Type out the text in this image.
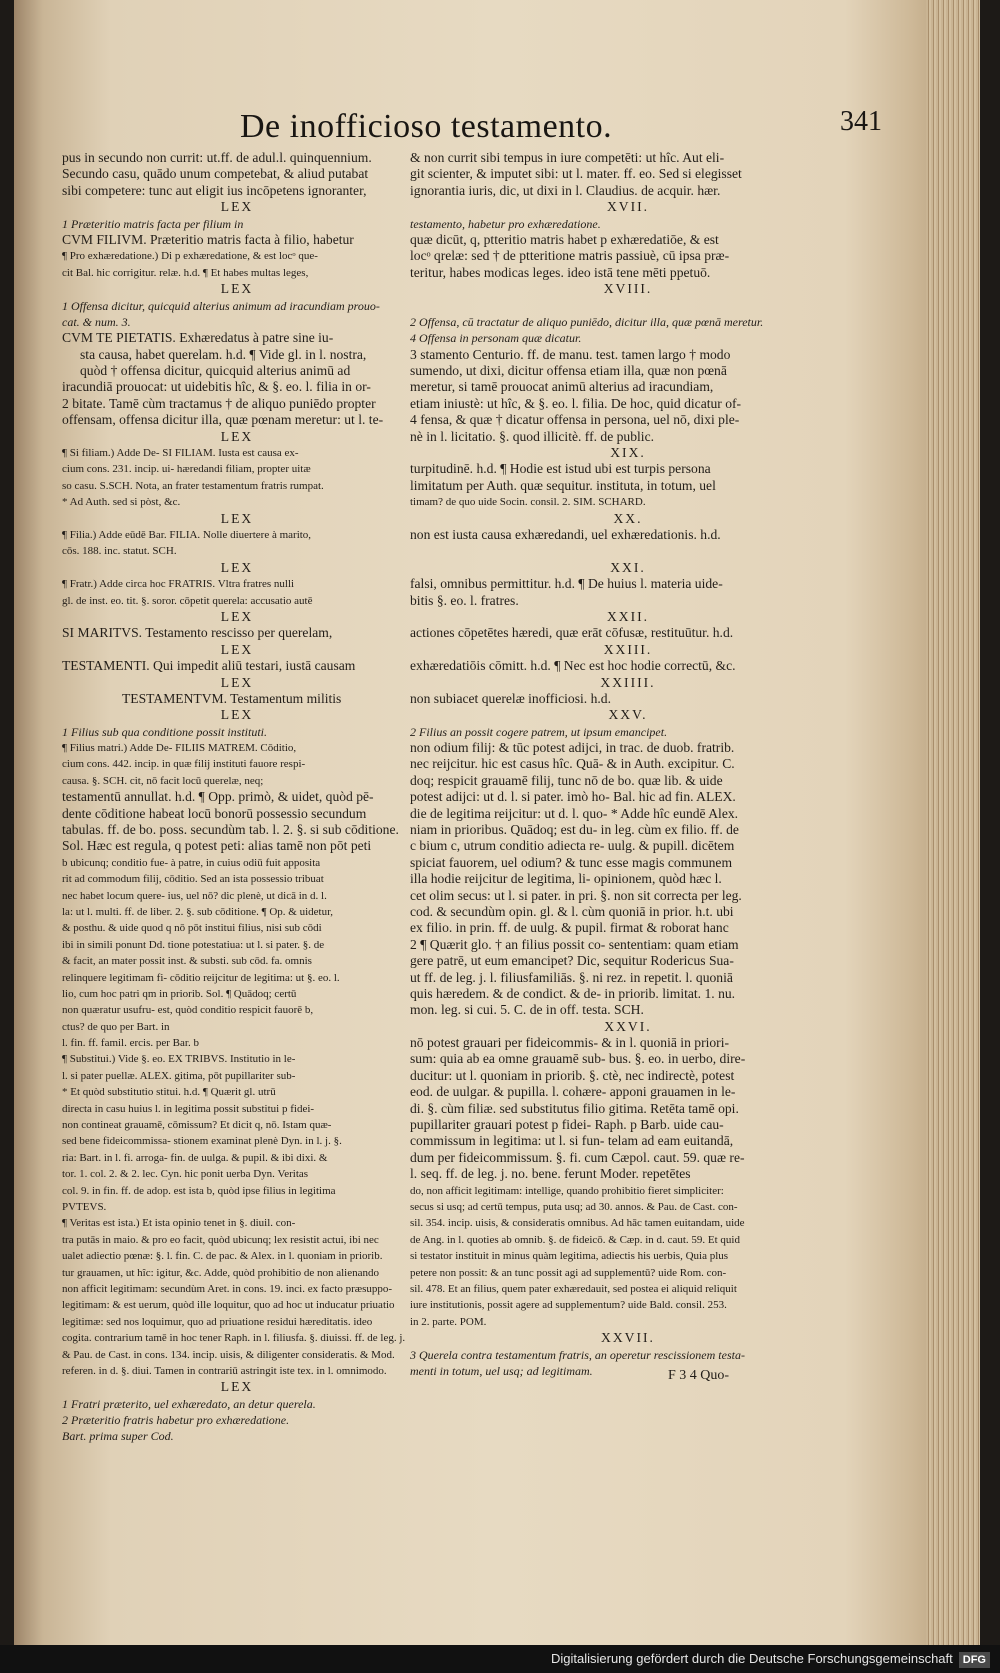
De inofficioso testamento.	341
pus in secundo non currit: ut.ff. de adul.l. quinquennium.
Secundo casu, quādo unum competebat, & aliud putabat
sibi competere: tunc aut eligit ius incōpetens ignoranter,
LEX
1 Præteritio matris facta per filium in
CVM FILIVM. Præteritio matris facta à filio, habetur
¶ Pro exhæredatione.) Di p exhæredatione, & est locᵒ que-
cit Bal. hic corrigitur. relæ. h.d. ¶ Et habes multas leges,
LEX
1 Offensa dicitur, quicquid alterius animum ad iracundiam prouo-
cat. & num. 3.
CVM TE PIETATIS. Exhæredatus à patre sine iu-
sta causa, habet querelam. h.d. ¶ Vide gl. in l. nostra,
quòd † offensa dicitur, quicquid alterius animū ad
iracundiā prouocat: ut uidebitis hîc, & §. eo. l. filia in or-
2 bitate. Tamē cùm tractamus † de aliquo puniēdo propter
offensam, offensa dicitur illa, quæ pœnam meretur: ut l. te-
LEX
¶ Si filiam.) Adde De- SI FILIAM. Iusta est causa ex-
cium cons. 231. incip. ui- hæredandi filiam, propter uitæ
so casu. S.SCH. Nota, an frater testamentum fratris rumpat.
* Ad Auth. sed si pòst, &c.
LEX
¶ Filia.) Adde eūdē Bar. FILIA. Nolle diuertere à marito,
cōs. 188. inc. statut. SCH.
LEX
¶ Fratr.) Adde circa hoc FRATRIS. Vltra fratres nulli
gl. de inst. eo. tit. §. soror. cōpetit querela: accusatio autē
LEX
SI MARITVS. Testamento rescisso per querelam,
LEX
TESTAMENTI. Qui impedit aliū testari, iustā causam
LEX
TESTAMENTVM. Testamentum militis
LEX
1 Filius sub qua conditione possit instituti.
¶ Filius matri.) Adde De- FILIIS MATREM. Cōditio,
cium cons. 442. incip. in quæ filij instituti fauore respi-
causa. §. SCH. cit, nō facit locū querelæ, neq;
testamentū annullat. h.d. ¶ Opp. primò, & uidet, quòd pē-
dente cōditione habeat locū bonorū possessio secundum
tabulas. ff. de bo. poss. secundùm tab. l. 2. §. si sub cōditione.
Sol. Hæc est regula, q potest peti: alias tamē non pōt peti
b ubicunq; conditio fue- à patre, in cuius odiū fuit apposita
rit ad commodum filij, cōditio. Sed an ista possessio tribuat
nec habet locum quere- ius, uel nō? dic plenè, ut dicā in d. l.
la: ut l. multi. ff. de liber. 2. §. sub cōditione. ¶ Op. & uidetur,
& posthu. & uide quod q nō pōt institui filius, nisi sub cōdi
ibi in simili ponunt Dd. tione potestatiua: ut l. si pater. §. de
& facit, an mater possit inst. & substi. sub cōd. fa. omnis
relinquere legitimam fi- cōditio reijcitur de legitima: ut §. eo. l.
lio, cum hoc patri qm in priorib. Sol. ¶ Quādoq; certū
non quæratur usufru- est, quòd conditio respicit fauorē b,
ctus? de quo per Bart. in
l. fin. ff. famil. ercis. per Bar. b
¶ Substitui.) Vide §. eo. EX TRIBVS. Institutio in le-
l. si pater puellæ. ALEX. gitima, pōt pupillariter sub-
* Et quòd substitutio stitui. h.d. ¶ Quærit gl. utrū
directa in casu huius l. in legitima possit substitui p fidei-
non contineat grauamē, cōmissum? Et dicit q, nō. Istam quæ-
sed bene fideicommissa- stionem examinat plenè Dyn. in l. j. §.
ria: Bart. in l. fi. arroga- fin. de uulga. & pupil. & ibi dixi. &
tor. 1. col. 2. & 2. lec. Cyn. hic ponit uerba Dyn. Veritas
col. 9. in fin. ff. de adop. est ista b, quòd ipse filius in legitima
PVTEVS.
¶ Veritas est ista.) Et ista opinio tenet in §. diuil. con-
tra putās in maio. & pro eo facit, quòd ubicunq; lex resistit actui, ibi nec
ualet adiectio pœnæ: §. l. fin. C. de pac. & Alex. in l. quoniam in priorib.
tur grauamen, ut hîc: igitur, &c. Adde, quòd prohibitio de non alienando
non afficit legitimam: secundùm Aret. in cons. 19. inci. ex facto præsuppo-
legitimam: & est uerum, quòd ille loquitur, quo ad hoc ut inducatur priuatio
legitimæ: sed nos loquimur, quo ad priuatione residui hæreditatis. ideo
cogita. contrarium tamē in hoc tener Raph. in l. filiusfa. §. diuissi. ff. de leg. j.
& Pau. de Cast. in cons. 134. incip. uisis, & diligenter consideratis. & Mod.
referen. in d. §. diui. Tamen in contrariū astringit iste tex. in l. omnimodo.
LEX
1 Fratri præterito, uel exhæredato, an detur querela.
2 Præteritio fratris habetur pro exhæredatione.
Bart. prima super Cod.
& non currit sibi tempus in iure competēti: ut hîc. Aut eli-
git scienter, & imputet sibi: ut l. mater. ff. eo. Sed si elegisset
ignorantia iuris, dic, ut dixi in l. Claudius. de acquir. hær.
XVII.
testamento, habetur pro exhæredatione.
quæ dicūt, q, ptteritio matris habet p exhæredatiōe, & est
locᵒ qrelæ: sed † de ptteritione matris passiuè, cū ipsa præ-
teritur, habes modicas leges. ideo istā tene mēti ppetuō.
XVIII.
2 Offensa, cū tractatur de aliquo puniēdo, dicitur illa, quæ pœnā meretur.
4 Offensa in personam quæ dicatur.
3 stamento Centurio. ff. de manu. test. tamen largo † modo
sumendo, ut dixi, dicitur offensa etiam illa, quæ non pœnā
meretur, si tamē prouocat animū alterius ad iracundiam,
etiam iniustè: ut hîc, & §. eo. l. filia. De hoc, quid dicatur of-
4 fensa, & quæ † dicatur offensa in persona, uel nō, dixi ple-
nè in l. licitatio. §. quod illicitè. ff. de public.
XIX.
turpitudinē. h.d. ¶ Hodie est istud ubi est turpis persona
limitatum per Auth. quæ sequitur. instituta, in totum, uel
timam? de quo uide Socin. consil. 2. SIM. SCHARD.
XX.
non est iusta causa exhæredandi, uel exhæredationis. h.d.
XXI.
falsi, omnibus permittitur. h.d. ¶ De huius l. materia uide-
bitis §. eo. l. fratres.
XXII.
actiones cōpetētes hæredi, quæ erāt cōfusæ, restituūtur. h.d.
XXIII.
exhæredatiōis cōmitt. h.d. ¶ Nec est hoc hodie correctū, &c.
XXIIII.
non subiacet querelæ inofficiosi. h.d.
XXV.
2 Filius an possit cogere patrem, ut ipsum emancipet.
non odium filij: & tūc potest adijci, in trac. de duob. fratrib.
nec reijcitur. hic est casus hîc. Quā- & in Auth. excipitur. C.
doq; respicit grauamē filij, tunc nō de bo. quæ lib. & uide
potest adijci: ut d. l. si pater. imò ho- Bal. hic ad fin. ALEX.
die de legitima reijcitur: ut d. l. quo- * Adde hîc eundē Alex.
niam in prioribus. Quādoq; est du- in leg. cùm ex filio. ff. de
c bium c, utrum conditio adiecta re- uulg. & pupill. dicētem
spiciat fauorem, uel odium? & tunc esse magis communem
illa hodie reijcitur de legitima, li- opinionem, quòd hæc l.
cet olim secus: ut l. si pater. in pri. §. non sit correcta per leg.
cod. & secundùm opin. gl. & l. cùm quoniā in prior. h.t. ubi
ex filio. in prin. ff. de uulg. & pupil. firmat & roborat hanc
2 ¶ Quærit glo. † an filius possit co- sententiam: quam etiam
gere patrē, ut eum emancipet? Dic, sequitur Rodericus Sua-
ut ff. de leg. j. l. filiusfamiliās. §. ni rez. in repetit. l. quoniā
quis hæredem. & de condict. & de- in priorib. limitat. 1. nu.
mon. leg. si cui. 5. C. de in off. testa. SCH.
XXVI.
nō potest grauari per fideicommis- & in l. quoniā in priori-
sum: quia ab ea omne grauamē sub- bus. §. eo. in uerbo, dire-
ducitur: ut l. quoniam in priorib. §. ctè, nec indirectè, potest
eod. de uulgar. & pupilla. l. cohære- apponi grauamen in le-
di. §. cùm filiæ. sed substitutus filio gitima. Retēta tamē opi.
pupillariter grauari potest p fidei- Raph. p Barb. uide cau-
commissum in legitima: ut l. si fun- telam ad eam euitandā,
dum per fideicommissum. §. fi. cum Cæpol. caut. 59. quæ re-
l. seq. ff. de leg. j. no. bene. ferunt Moder. repetētes
do, non afficit legitimam: intellige, quando prohibitio fieret simpliciter:
secus si usq; ad certū tempus, puta usq; ad 30. annos. & Pau. de Cast. con-
sil. 354. incip. uisis, & consideratis omnibus. Ad hāc tamen euitandam, uide
de Ang. in l. quoties ab omnib. §. de fideicō. & Cæp. in d. caut. 59. Et quid
si testator instituit in minus quàm legitima, adiectis his uerbis, Quia plus
petere non possit: & an tunc possit agi ad supplementū? uide Rom. con-
sil. 478. Et an filius, quem pater exhæredauit, sed postea ei aliquid reliquit
iure institutionis, possit agere ad supplementum? uide Bald. consil. 253.
in 2. parte. POM.
XXVII.
3 Querela contra testamentum fratris, an operetur rescissionem testa-
menti in totum, uel usq; ad legitimam.	F 3 4 Quo-
Digitalisierung gefördert durch die Deutsche Forschungsgemeinschaft DFG
